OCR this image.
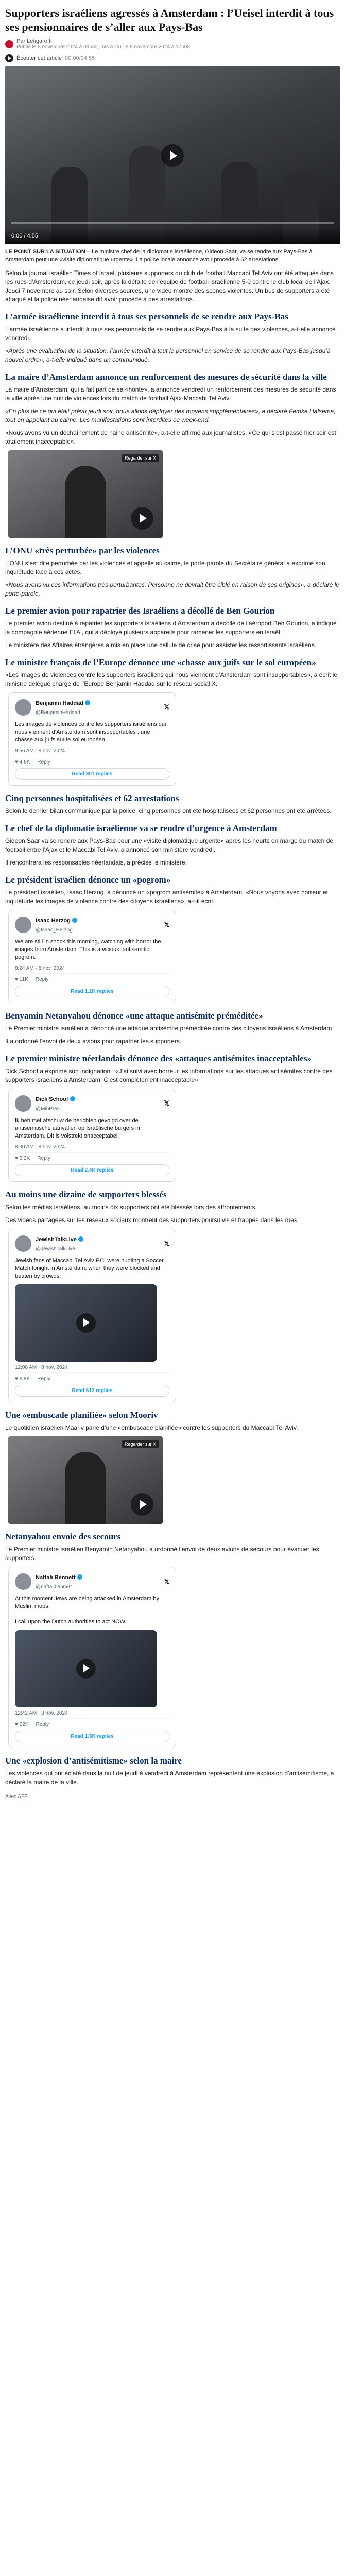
Supporters israéliens agressés à Amsterdam : l’Ueisel interdit à tous ses pensionnaires de s’aller aux Pays-Bas
Par Lefigaro.fr
Publié le 8 novembre 2024 à 09h52, mis à jour le 8 novembre 2024 à 17h03
Écouter cet article 00:00/04:55
0:00 / 4:55

LE POINT SUR LA SITUATION – Le ministre chef de la diplomatie israélienne, Gideon Saar, va se rendre aux Pays-Bas à Amsterdam peut une «visite diplomatique urgente». La police locale annonce avoir procédé à 62 arrestations.

Selon la journal israélien Times of Israel, plusieurs supporters du club de football Maccabi Tel Aviv ont été attaqués dans les rues d’Amsterdam, ce jeudi soir, après la défaite de l’équipe de football israélienne 5-0 contre le club local de l’Ajax. Jeudi 7 novembre au soir. Selon diverses sources, une vidéo montre des scènes violentes. Un bus de supporters a été attaqué et la police néerlandaise dit avoir procédé à des arrestations.

L’armée israélienne interdit à tous ses personnels de se rendre aux Pays-Bas

L’armée israélienne a interdit à tous ses personnels de se rendre aux Pays-Bas à la suite des violences, a-t-elle annoncé vendredi.

«Après une évaluation de la situation, l’armée interdit à tout le personnel en service de se rendre aux Pays-Bas jusqu’à nouvel ordre», a-t-elle indiqué dans un communiqué.

La maire d’Amsterdam annonce un renforcement des mesures de sécurité dans la ville

La maire d’Amsterdam, qui a fait part de sa «honte», a annoncé vendredi un renforcement des mesures de sécurité dans la ville après une nuit de violences lors du match de football Ajax-Maccabi Tel Aviv.

«En plus de ce qui était prévu jeudi soir, nous allons déployer des moyens supplémentaires», a déclaré Femke Halsema, tout en appelant au calme. Les manifestations sont interdites ce week-end.

«Nous avons vu un déchaînement de haine antisémite», a-t-elle affirmé aux journalistes. «Ce qui s’est passé hier soir est totalement inacceptable».

Regarder sur X
L’ONU «très perturbée» par les violences

L’ONU s’est dite perturbée par les violences et appelle au calme, le porte-parole du Secrétaire général a exprimé son inquiétude face à ces actes.

«Nous avons vu ces informations très perturbantes. Personne ne devrait être ciblé en raison de ses origines», a déclaré le porte-parole.

Le premier avion pour rapatrier des Israéliens a décollé de Ben Gourion

Le premier avion destiné à rapatrier les supporters israéliens d’Amsterdam a décollé de l’aéroport Ben Gourion, a indiqué la compagnie aérienne El Al, qui a déployé plusieurs appareils pour ramener les supporters en Israël.

Le ministère des Affaires étrangères a mis en place une cellule de crise pour assister les ressortissants israéliens.

Le ministre français de l’Europe dénonce une «chasse aux juifs sur le sol européen»

«Les images de violences contre les supporters israéliens qui nous viennent d’Amsterdam sont insupportables», a écrit le ministre délégué chargé de l’Europe Benjamin Haddad sur le réseau social X.

Benjamin Haddad
@BenjaminHaddad
𝕏
Les images de violences contre les supporters israéliens qui nous viennent d’Amsterdam sont insupportables : une chasse aux juifs sur le sol européen.
9:56 AM · 8 nov. 2024
♥ 4.6K Reply
Read 301 replies
Cinq personnes hospitalisées et 62 arrestations

Selon le dernier bilan communiqué par la police, cinq personnes ont été hospitalisées et 62 personnes ont été arrêtées.

Le chef de la diplomatie israélienne va se rendre d’urgence à Amsterdam

Gideon Saar va se rendre aux Pays-Bas pour une «visite diplomatique urgente» après les heurts en marge du match de football entre l’Ajax et le Maccabi Tel Aviv, a annoncé son ministère vendredi.

Il rencontrera les responsables néerlandais, a précisé le ministère.

Le président israélien dénonce un «pogrom»

Le président israélien, Isaac Herzog, a dénoncé un «pogrom antisémite» à Amsterdam. «Nous voyons avec horreur et inquiétude les images de violence contre des citoyens israéliens», a-t-il écrit.

Isaac Herzog
@Isaac_Herzog
𝕏
We are still in shock this morning, watching with horror the images from Amsterdam. This is a vicious, antisemitic pogrom.
8:24 AM · 8 nov. 2024
♥ 11K Reply
Read 1.1K replies
Benyamin Netanyahou dénonce «une attaque antisémite préméditée»

Le Premier ministre israélien a dénoncé une attaque antisémite préméditée contre des citoyens israéliens à Amsterdam.

Il a ordonné l’envoi de deux avions pour rapatrier les supporters.

Le premier ministre néerlandais dénonce des «attaques antisémites inacceptables»

Dick Schoof a exprimé son indignation : «J’ai suivi avec horreur les informations sur les attaques antisémites contre des supporters israéliens à Amsterdam. C’est complètement inacceptable».

Dick Schoof
@MinPres
𝕏
Ik heb met afschuw de berichten gevolgd over de antisemitische aanvallen op Israëlische burgers in Amsterdam. Dit is volstrekt onacceptabel.
8:30 AM · 8 nov. 2024
♥ 3.2K Reply
Read 2.4K replies
Au moins une dizaine de supporters blessés

Selon les médias israéliens, au moins dix supporters ont été blessés lors des affrontements.

Des vidéos partagées sur les réseaux sociaux montrent des supporters poursuivis et frappés dans les rues.

JewishTalkLive
@JewishTalkLive
𝕏
Jewish fans of Maccabi Tel Aviv F.C. were hunting a Soccer Match tonight in Amsterdam, when they were blocked and beaten by crowds.
12:08 AM · 8 nov. 2024
♥ 9.8K Reply
Read 612 replies
Une «embuscade planifiée» selon Mooriv

Le quotidien israélien Maariv parle d’une «embuscade planifiée» contre les supporters du Maccabi Tel Aviv.

Regarder sur X
Netanyahou envoie des secours

Le Premier ministre israélien Benyamin Netanyahou a ordonné l’envoi de deux avions de secours pour évacuer les supporters.

Naftali Bennett
@naftalibennett
𝕏
At this moment Jews are being attacked in Amsterdam by Muslim mobs.

I call upon the Dutch authorities to act NOW.
12:42 AM · 8 nov. 2024
♥ 22K Reply
Read 1.5K replies
Une «explosion d’antisémitisme» selon la maire

Les violences qui ont éclaté dans la nuit de jeudi à vendredi à Amsterdam représentent une explosion d’antisémitisme, a déclaré la maire de la ville.

Avec AFP
